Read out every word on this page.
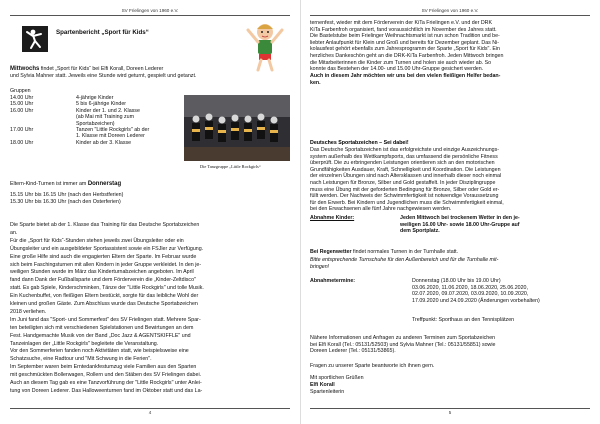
SV Frielingen von 1960 e.V.
Spartenbericht „Sport für Kids“
Mittwochs findet „Sport für Kids“ bei Elfi Korall, Doreen Lederer
und Sylvia Mahner statt. Jeweils eine Stunde wird geturnt, gespielt und getanzt.
Gruppen
14.00 Uhr	4-jährige Kinder
15.00 Uhr	5 bis 6-jährige Kinder
16.00 Uhr	Kinder der 1. und 2. Klasse
(ab Mai mit Training zum
Sportabzeichen)
17.00 Uhr	Tanzen "Little Rockgirls" ab der
1. Klasse mit Doreen Lederer
18.00 Uhr	Kinder ab der 3. Klasse
Die Tanzgruppe „Little Rockgirls“
Eltern-Kind-Turnen ist immer am Donnerstag
15.15 Uhr bis 16.15 Uhr (nach den Herbstferien)
15.30 Uhr bis 16.30 Uhr (nach den Osterferien)
Die Sparte bietet ab der 1. Klasse das Training für das Deutsche Sportabzeichen
an.
Für die „Sport für Kids“-Stunden stehen jeweils zwei Übungsleiter oder ein
Übungsleiter und ein ausgebildeter Sportassistent sowie ein FSJler zur Verfügung.
Eine große Hilfe sind auch die engagierten Eltern der Sparte. Im Februar wurde
sich beim Faschingsturnen mit allen Kindern in jeder Gruppe verkleidet. In den je-
weiligen Stunden wurde im März das Kinderturnabzeichen angeboten. Im April
fand dann Dank der Fußballsparte und dem Förderverein die „Kinder-Zeltdisco"
statt. Es gab Spiele, Kinderschminken, Tänze der "Little Rockgirls" und tolle Musik.
Ein Kuchenbuffet, von fleißigen Eltern bestückt, sorgte für das leibliche Wohl der
kleinen und großen Gäste. Zum Abschluss wurde das Deutsche Sportabzeichen
2018 verliehen.
Im Juni fand das "Sport- und Sommerfest" des SV Frielingen statt. Mehrere Spar-
ten beteiligten sich mit verschiedenen Spielstationen und Bewirtungen an dem
Fest. Handgemachte Musik von der Band „Doc Jazz & AGENTSKIFFLE" und
Tanzeinlagen der „Little Rockgirls" begleitete die Veranstaltung.
Vor den Sommerferien fanden noch Aktivitäten statt, wie beispielsweise eine
Schatzsuche, eine Radtour und "Mit Schwung in die Ferien".
Im September waren beim Erntedankfestumzug viele Familien aus den Sparten
mit geschmückten Bollerwagen, Rollern und den Stäben des SV Frielingen dabei.
Auch an diesem Tag gab es eine Tanzvorführung der "Little Rockgirls" unter Anlei-
tung von Doreen Lederer. Das Halloweenturnen fand im Oktober statt und das La-
4
SV Frielingen von 1960 e.V.
ternenfest, wieder mit dem Förderverein der KiTa Frielingen e.V. und der DRK
KiTa Farbenfroh organisiert, fand voraussichtlich im November des Jahres statt.
Die Bastelstube beim Frielinger Weihnachtsmarkt ist nun schon Tradition und be-
liebter Anlaufpunkt für Klein und Groß und bereits für Dezember geplant. Das Ni-
kolausfest gehört ebenfalls zum Jahresprogramm der Sparte „Sport für Kids". Ein
herzliches Dankeschön geht an die DRK-KiTa Farbenfroh. Jeden Mittwoch bringen
die Mitarbeiterinnen die Kinder zum Turnen und holen sie auch wieder ab. So
konnte das Bestehen der 14.00- und 15.00 Uhr-Gruppe gesichert werden.
Auch in diesem Jahr möchten wir uns bei den vielen fleißigen Helfer bedan-
ken.
Deutsches Sportabzeichen – Sei dabei!
Das Deutsche Sportabzeichen ist das erfolgreichste und einzige Auszeichnungs-
system außerhalb des Wettkampfsports, das umfassend die persönliche Fitness
überprüft. Die zu erbringenden Leistungen orientieren sich an den motorischen
Grundfähigkeiten Ausdauer, Kraft, Schnelligkeit und Koordination. Die Leistungen
der einzelnen Übungen sind nach Altersklassen und innerhalb dieser noch einmal
nach Leistungen für Bronze, Silber und Gold gestaffelt. In jeder Disziplingruppe
muss eine Übung mit der geforderten Bedingung für Bronze, Silber oder Gold er-
füllt werden. Der Nachweis der Schwimmfertigkeit ist notwendige Voraussetzung
für den Erwerb. Bei Kindern und Jugendlichen muss die Schwimmfertigkeit einmal,
bei den Erwachsenen alle fünf Jahre nachgewiesen werden.
Abnahme Kinder:	Jeden Mittwoch bei trockenem Wetter in den je-
weiligen 16.00 Uhr- sowie 18.00 Uhr-Gruppe auf
dem Sportplatz.
Bei Regenwetter findet normales Turnen in der Turnhalle statt.
Bitte entsprechende Turnschuhe für den Außenbereich und für die Turnhalle mit-
bringen!
Abnahmetermine:	Donnerstag (18.00 Uhr bis 19.00 Uhr)
03.06.2020, 11.06.2020, 18.06.2020, 25.06.2020,
02.07.2020, 09.07.2020, 03.09.2020, 10.09.2020,
17.09.2020 und 24.09.2020 (Änderungen vorbehalten)
Treffpunkt: Sporthaus an den Tennisplätzen
Nähere Informationen und Anfragen zu anderen Terminen zum Sportabzeichen
bei Elfi Korall (Tel.: 05131/52503) und Sylvia Mahner (Tel.: 05131/55851) sowie
Doreen Lederer (Tel.: 05131/53865).
Fragen zu unserer Sparte beantworte ich ihnen gern.
Mit sportlichen Grüßen
Elfi Korall
Spartenleiterin
5
